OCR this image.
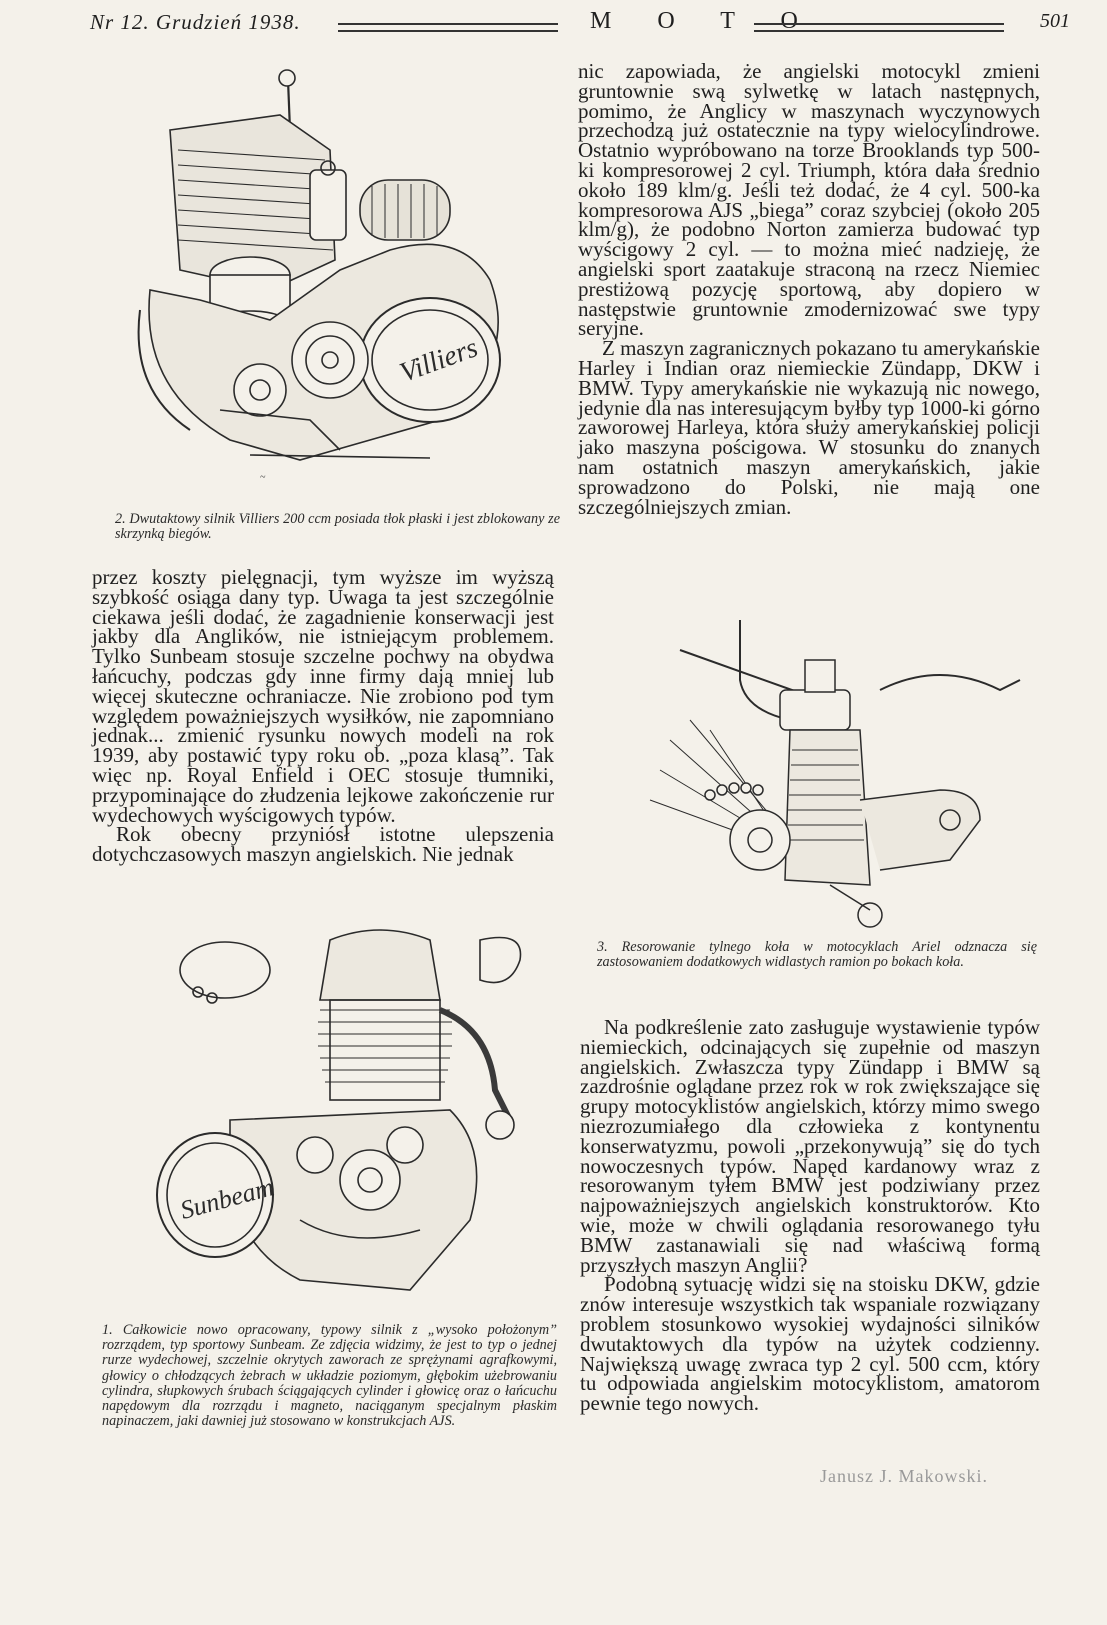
Nr 12. Grudzień 1938.	M O T O	501
Villiers
~
2. Dwutaktowy silnik Villiers 200 ccm posiada tłok płaski i jest zblokowany ze skrzynką biegów.

przez koszty pielęgnacji, tym wyższe im wyższą szybkość osiąga dany typ. Uwaga ta jest szczególnie ciekawa jeśli dodać, że zagadnienie konserwacji jest jakby dla Anglików, nie istniejącym problemem. Tylko Sunbeam stosuje szczelne pochwy na obydwa łańcuchy, podczas gdy inne firmy dają mniej lub więcej skuteczne ochraniacze. Nie zrobiono pod tym względem poważniejszych wysiłków, nie zapomniano jednak... zmienić rysunku nowych modeli na rok 1939, aby postawić typy roku ob. „poza klasą”. Tak więc np. Royal Enfield i OEC stosuje tłumniki, przypominające do złudzenia lejkowe zakończenie rur wydechowych wyścigowych typów.

Rok obecny przyniósł istotne ulepszenia dotychczasowych maszyn angielskich. Nie jednak

Sunbeam
1. Całkowicie nowo opracowany, typowy silnik z „wysoko położonym” rozrządem, typ sportowy Sunbeam. Ze zdjęcia widzimy, że jest to typ o jednej rurze wydechowej, szczelnie okrytych zaworach ze sprężynami agrafkowymi, głowicy o chłodzących żebrach w układzie poziomym, głębokim użebrowaniu cylindra, słupkowych śrubach ściągających cylinder i głowicę oraz o łańcuchu napędowym dla rozrządu i magneto, naciąganym specjalnym płaskim napinaczem, jaki dawniej już stosowano w konstrukcjach AJS.

nic zapowiada, że angielski motocykl zmieni gruntownie swą sylwetkę w latach następnych, pomimo, że Anglicy w maszynach wyczynowych przechodzą już ostatecznie na typy wielocylindrowe. Ostatnio wypróbowano na torze Brooklands typ 500-ki kompresorowej 2 cyl. Triumph, która dała średnio około 189 klm/g. Jeśli też dodać, że 4 cyl. 500-ka kompresorowa AJS „biega” coraz szybciej (około 205 klm/g), że podobno Norton zamierza budować typ wyścigowy 2 cyl. — to można mieć nadzieję, że angielski sport zaatakuje straconą na rzecz Niemiec prestiżową pozycję sportową, aby dopiero w następstwie gruntownie zmodernizować swe typy seryjne.

Z maszyn zagranicznych pokazano tu amerykańskie Harley i Indian oraz niemieckie Zündapp, DKW i BMW. Typy amerykańskie nie wykazują nic nowego, jedynie dla nas interesującym byłby typ 1000-ki górno zaworowej Harleya, która służy amerykańskiej policji jako maszyna pościgowa. W stosunku do znanych nam ostatnich maszyn amerykańskich, jakie sprowadzono do Polski, nie mają one szczególniejszych zmian.

3. Resorowanie tylnego koła w motocyklach Ariel odznacza się zastosowaniem dodatkowych widlastych ramion po bokach koła.

Na podkreślenie zato zasługuje wystawienie typów niemieckich, odcinających się zupełnie od maszyn angielskich. Zwłaszcza typy Zündapp i BMW są zazdrośnie oglądane przez rok w rok zwiększające się grupy motocyklistów angielskich, którzy mimo swego niezrozumiałego dla człowieka z kontynentu konserwatyzmu, powoli „przekonywują” się do tych nowoczesnych typów. Napęd kardanowy wraz z resorowanym tyłem BMW jest podziwiany przez najpoważniejszych angielskich konstruktorów. Kto wie, może w chwili oglądania resorowanego tyłu BMW zastanawiali się nad właściwą formą przyszłych maszyn Anglii?

Podobną sytuację widzi się na stoisku DKW, gdzie znów interesuje wszystkich tak wspaniale rozwiązany problem stosunkowo wysokiej wydajności silników dwutaktowych dla typów na użytek codzienny. Największą uwagę zwraca typ 2 cyl. 500 ccm, który tu odpowiada angielskim motocyklistom, amatorom pewnie tego nowych.

Janusz J. Makowski.
